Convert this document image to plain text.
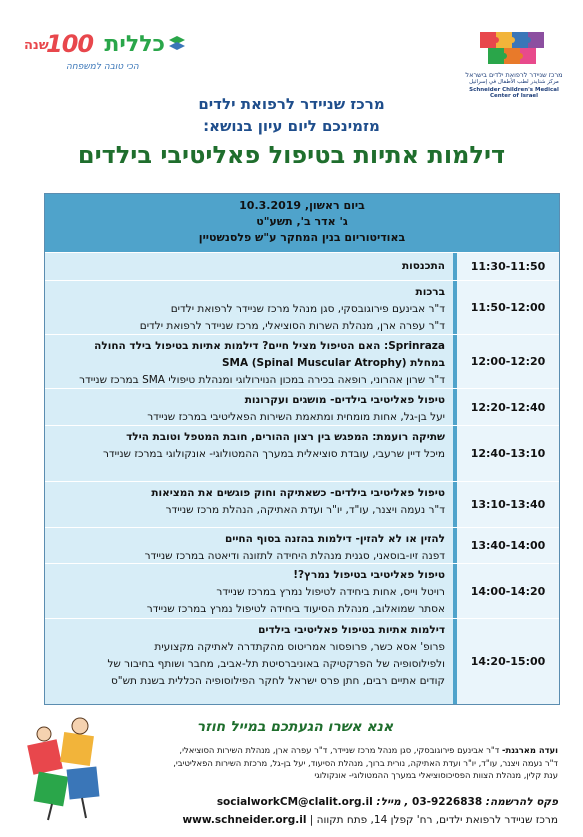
כללית
100
שנה
הכי טובה למשפחה
מרכז שניידר לרפואת ילדים בישראל
مركز شنايدر لطب الأطفال في إسرائيل
Schneider Children's Medical Center of Israel
מרכז שניידר לרפואת ילדים
מזמינכם ליום עיון בנושא:
דילמות אתיות בטיפול פאליטיבי בילדים
ביום ראשון, 10.3.2019
ג' אדר ב', תשע"ט
באודיטוריום בנין המחקר ע"ש פלסנשטיין
11:30-11:50
התכנסות
11:50-12:00
ברכות
ד"ר אבינעם פירוגובסקי, סגן מנהל מרכז שניידר לרפואת ילדים
ד"ר עפרה ארן, מנהלת השרות הסוציאלי, מרכז שניידר לרפואת ילדים
12:00-12:20
Sprinraza: האם הטיפול מציל חיים? דילמות אתיות בטיפול בילד החולה
במחלת SMA (Spinal Muscular Atrophy)
ד"ר שרון אהרוני, רופאה בכירה במכון הנוירולוגי ומנהלת טיפולי SMA במרכז שניידר
12:20-12:40
טיפול פאליטיבי בילדים- מושגים ועקרונות
יעל בן-גל, אחות מומחית ומתאמת השירות הפאליטיבי במרכז שניידר
12:40-13:10
שתיקה רועמת: המפגש בין רצון ההורים, חובת המטפל וטובת הילד
מיכל דיין שרעבי, עובדת סוציאלית במערך ההמטולוגי- אונקולוגי במרכז שניידר
13:10-13:40
טיפול פאליטיבי בילדים- כשאתיקה וחוק פוגשים את המציאות
ד"ר נעמה ויצנר, עו"ד, יו"ר ועדת האתיקה, הנהלת מרכז שניידר
13:40-14:00
להזין או לא להזין- דילמות בהזנה בסוף החיים
דפנה זיו-בוסאני, סגנית מנהלת היחידה לתזונה ודיאטה במרכז שניידר
14:00-14:20
טיפול פאליטיבי בטיפול נמרץ?!
רויטל וייס, אחות ביחידה לטיפול נמרץ במרכז שניידר
אסתר שמואלוב, מנהלת הסיעוד ביחידה לטיפול נמרץ במרכז שניידר
14:20-15:00
דילמות אתיות בטיפול פאליטיבי בילדים
פרופ' אסא כשר, פרופסור אמריטוס מהקתדרה לאתיקה מקצועית
ולפילוסופיה של הפרקטיקה באוניברסיטת תל-אביב, מחבר ושותף בחיבור של
קודים אתיים רבים, חתן פרס ישראל לחקר הפילוסופיה הכללית בשנת תש"ס
אנא אשרו הגעתכם במייל חוזר
ועדה מארגנת- ד"ר אבינעם פירוגובסקי, סגן מנהל מרכז שניידר, ד"ר עפרה ארן, מנהלת השירות הסוציאלי,
ד"ר נעמה ויצנר, עו"ד, יו"ר ועדת האתיקה, נורית ברוך, מנהלת הסיעוד, יעל בן-גל, מרכזת השירות הפאליטיבי,
ענת קלין, מנהלת הצוות הפסיכוסוציאלי במערך ההמטולוגי- אונקולוגי
פקס להרשמה: 03-9226838 , מייל: socialworkCM@clalit.org.il
מרכז שניידר לרפואת ילדים, רח' קפלן 14, פתח תקווה | www.schneider.org.il
